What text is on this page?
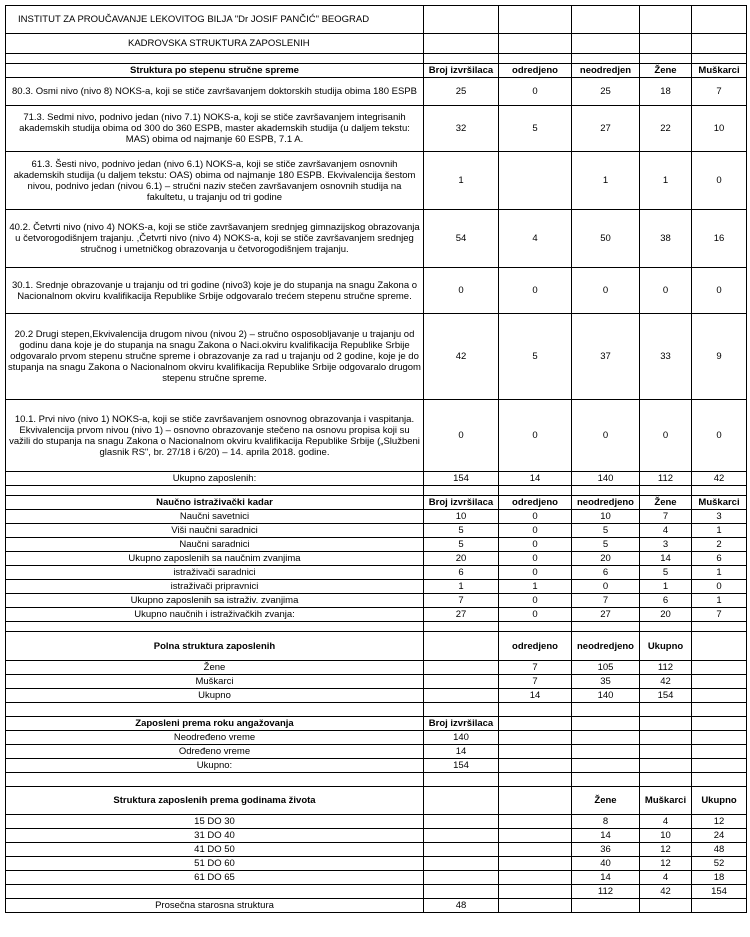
INSTITUT ZA PROUČAVANJE LEKOVITOG BILJA "Dr JOSIF PANČIĆ" BEOGRAD					
KADROVSKA STRUKTURA ZAPOSLENIH					

Struktura po stepenu stručne spreme	Broj izvršilaca	odredjeno	neodredjen	Žene	Muškarci
80.3. Osmi nivo (nivo 8) NOKS-a, koji se stiče završavanjem doktorskih studija obima 180 ESPB	25	0	25	18	7
71.3. Sedmi nivo, podnivo jedan (nivo 7.1) NOKS-a, koji se stiče završavanjem integrisanih akademskih studija obima od 300 do 360 ESPB, master akademskih studija (u daljem tekstu: MAS) obima od najmanje 60 ESPB, 7.1 A.	32	5	27	22	10
61.3. Šesti nivo, podnivo jedan (nivo 6.1) NOKS-a, koji se stiče završavanjem osnovnih akademskih studija (u daljem tekstu: OAS) obima od najmanje 180 ESPB. Ekvivalencija šestom nivou, podnivo jedan (nivou 6.1) – stručni naziv stečen završavanjem osnovnih studija na fakultetu, u trajanju od tri godine	1		1	1	0
40.2. Četvrti nivo (nivo 4) NOKS-a, koji se stiče završavanjem srednjeg gimnazijskog obrazovanja u četvorogodišnjem trajanju. ,Četvrti nivo (nivo 4) NOKS-a, koji se stiče završavanjem srednjeg stručnog i umetničkog obrazovanja u četvorogodišnjem trajanju.	54	4	50	38	16
30.1. Srednje obrazovanje u trajanju od tri godine (nivo3) koje je do stupanja na snagu Zakona o Nacionalnom okviru kvalifikacija Republike Srbije odgovaralo trećem stepenu stručne spreme.	0	0	0	0	0
20.2 Drugi stepen,Ekvivalencija drugom nivou (nivou 2) – stručno osposobljavanje u trajanju od godinu dana koje je do stupanja na snagu Zakona o Naci.okviru kvalifikacija Republike Srbije odgovaralo prvom stepenu stručne spreme i obrazovanje za rad u trajanju od 2 godine, koje je do stupanja na snagu Zakona o Nacionalnom okviru kvalifikacija Republike Srbije odgovaralo drugom stepenu stručne spreme.	42	5	37	33	9
10.1. Prvi nivo (nivo 1) NOKS-a, koji se stiče završavanjem osnovnog obrazovanja i vaspitanja. Ekvivalencija prvom nivou (nivo 1) – osnovno obrazovanje stečeno na osnovu propisa koji su važili do stupanja na snagu Zakona o Nacionalnom okviru kvalifikacija Republike Srbije („Službeni glasnik RS", br. 27/18 i 6/20) – 14. aprila 2018. godine.	0	0	0	0	0
Ukupno zaposlenih:	154	14	140	112	42

Naučno istraživački kadar	Broj izvršilaca	odredjeno	neodredjeno	Žene	Muškarci
Naučni savetnici	10	0	10	7	3
Viši naučni saradnici	5	0	5	4	1
Naučni saradnici	5	0	5	3	2
Ukupno zaposlenih sa naučnim zvanjima	20	0	20	14	6
istraživači saradnici	6	0	6	5	1
istraživači pripravnici	1	1	0	1	0
Ukupno zaposlenih sa istraživ. zvanjima	7	0	7	6	1
Ukupno naučnih i istraživačkih zvanja:	27	0	27	20	7

Polna struktura zaposlenih		odredjeno	neodredjeno	Ukupno	
Žene		7	105	112	
Muškarci		7	35	42	
Ukupno		14	140	154	

Zaposleni prema roku angažovanja	Broj izvršilaca				
Neodređeno vreme	140				
Određeno vreme	14				
Ukupno:	154				

Struktura zaposlenih prema godinama života			Žene	Muškarci	Ukupno
15 DO 30			8	4	12
31 DO 40			14	10	24
41 DO 50			36	12	48
51 DO 60			40	12	52
61 DO 65			14	4	18
			112	42	154
Prosečna starosna struktura	48				
